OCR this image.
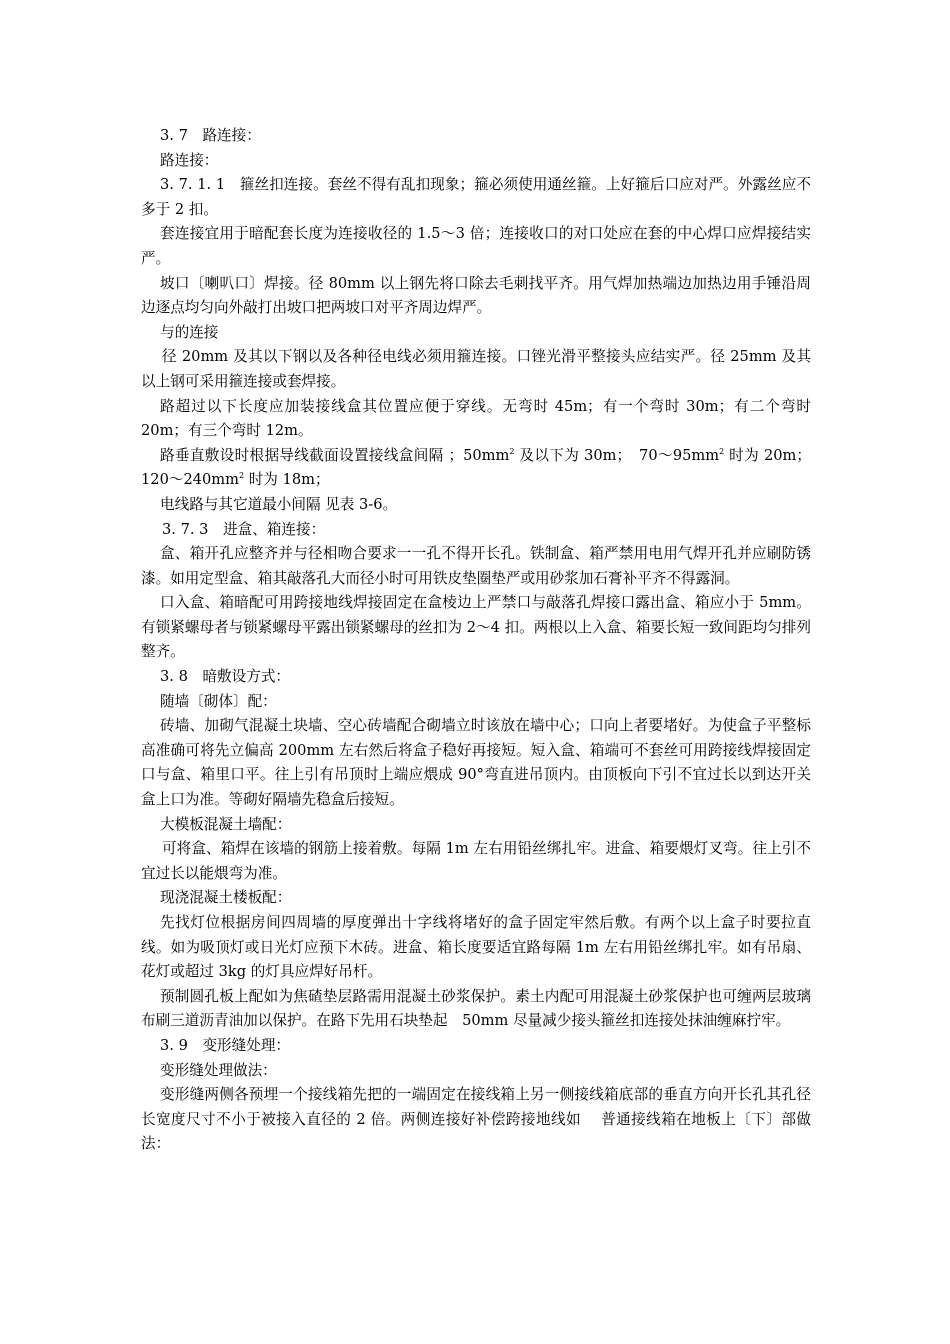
3. 7　路连接：

路连接：

3. 7. 1. 1　箍丝扣连接。套丝不得有乱扣现象；箍必须使用通丝箍。上好箍后口应对严。外露丝应不多于 2 扣。

套连接宜用于暗配套长度为连接收径的 1.5～3 倍；连接收口的对口处应在套的中心焊口应焊接结实严。

坡口〔喇叭口〕焊接。径 80mm 以上钢先将口除去毛刺找平齐。用气焊加热端边加热边用手锤沿周边逐点均匀向外敲打出坡口把两坡口对平齐周边焊严。

与的连接

径 20mm 及其以下钢以及各种径电线必须用箍连接。口锉光滑平整接头应结实严。径 25mm 及其以上钢可采用箍连接或套焊接。

路超过以下长度应加装接线盒其位置应便于穿线。无弯时 45m；有一个弯时 30m；有二个弯时 20m；有三个弯时 12m。

路垂直敷设时根据导线截面设置接线盒间隔 ；$50mm^2$ 及以下为 30m；　$70\sim 95mm^2$ 时为 20m；$120\sim 240mm^2$ 时为 18m；

电线路与其它道最小间隔 见表 3-6。

3. 7. 3　进盒、箱连接：

盒、箱开孔应整齐并与径相吻合要求一一孔不得开长孔。铁制盒、箱严禁用电用气焊开孔并应刷防锈漆。如用定型盒、箱其敲落孔大而径小时可用铁皮垫圈垫严或用砂浆加石膏补平齐不得露洞。

口入盒、箱暗配可用跨接地线焊接固定在盒棱边上严禁口与敲落孔焊接口露出盒、箱应小于 5mm。有锁紧螺母者与锁紧螺母平露出锁紧螺母的丝扣为 2～4 扣。两根以上入盒、箱要长短一致间距均匀排列整齐。

3. 8　暗敷设方式：

随墙〔砌体〕配：

砖墙、加砌气混凝土块墙、空心砖墙配合砌墙立时该放在墙中心；口向上者要堵好。为使盒子平整标高准确可将先立偏高 200mm 左右然后将盒子稳好再接短。短入盒、箱端可不套丝可用跨接线焊接固定口与盒、箱里口平。往上引有吊顶时上端应煨成 90°弯直进吊顶内。由顶板向下引不宜过长以到达开关盒上口为准。等砌好隔墙先稳盒后接短。

大模板混凝土墙配：

可将盒、箱焊在该墙的钢筋上接着敷。每隔 1m 左右用铅丝绑扎牢。进盒、箱要煨灯叉弯。往上引不宜过长以能煨弯为准。

现浇混凝土楼板配：

先找灯位根据房间四周墙的厚度弹出十字线将堵好的盒子固定牢然后敷。有两个以上盒子时要拉直线。如为吸顶灯或日光灯应预下木砖。进盒、箱长度要适宜路每隔 1m 左右用铅丝绑扎牢。如有吊扇、花灯或超过 3kg 的灯具应焊好吊杆。

预制圆孔板上配如为焦碴垫层路需用混凝土砂浆保护。素土内配可用混凝土砂浆保护也可缠两层玻璃布刷三道沥青油加以保护。在路下先用石块垫起　50mm 尽量减少接头箍丝扣连接处抹油缠麻拧牢。

3. 9　变形缝处理：

变形缝处理做法：

变形缝两侧各预埋一个接线箱先把的一端固定在接线箱上另一侧接线箱底部的垂直方向开长孔其孔径长宽度尺寸不小于被接入直径的 2 倍。两侧连接好补偿跨接地线如　 普通接线箱在地板上〔下〕部做法：
